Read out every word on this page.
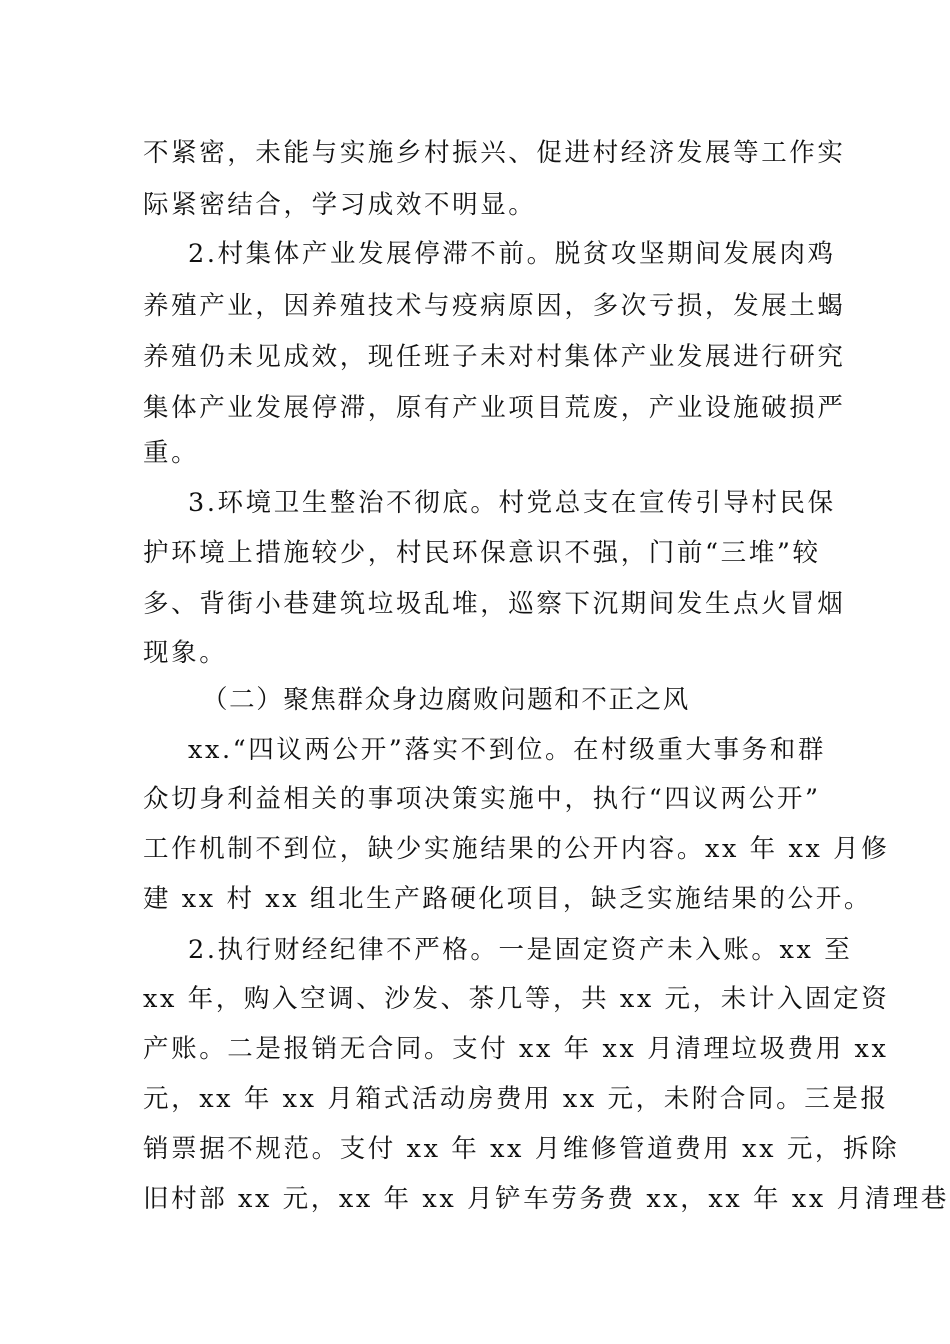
不紧密，未能与实施乡村振兴、促进村经济发展等工作实
际紧密结合，学习成效不明显。
2.村集体产业发展停滞不前。脱贫攻坚期间发展肉鸡
养殖产业，因养殖技术与疫病原因，多次亏损，发展土蝎
养殖仍未见成效，现任班子未对村集体产业发展进行研究
集体产业发展停滞，原有产业项目荒废，产业设施破损严
重。
3.环境卫生整治不彻底。村党总支在宣传引导村民保
护环境上措施较少，村民环保意识不强，门前“三堆”较
多、背街小巷建筑垃圾乱堆，巡察下沉期间发生点火冒烟
现象。
（二）聚焦群众身边腐败问题和不正之风
xx.“四议两公开”落实不到位。在村级重大事务和群
众切身利益相关的事项决策实施中，执行“四议两公开”
工作机制不到位，缺少实施结果的公开内容。xx 年 xx 月修
建 xx 村 xx 组北生产路硬化项目，缺乏实施结果的公开。
2.执行财经纪律不严格。一是固定资产未入账。xx 至
xx 年，购入空调、沙发、茶几等，共 xx 元，未计入固定资
产账。二是报销无合同。支付 xx 年 xx 月清理垃圾费用 xx
元，xx 年 xx 月箱式活动房费用 xx 元，未附合同。三是报
销票据不规范。支付 xx 年 xx 月维修管道费用 xx 元，拆除
旧村部 xx 元，xx 年 xx 月铲车劳务费 xx，xx 年 xx 月清理巷
